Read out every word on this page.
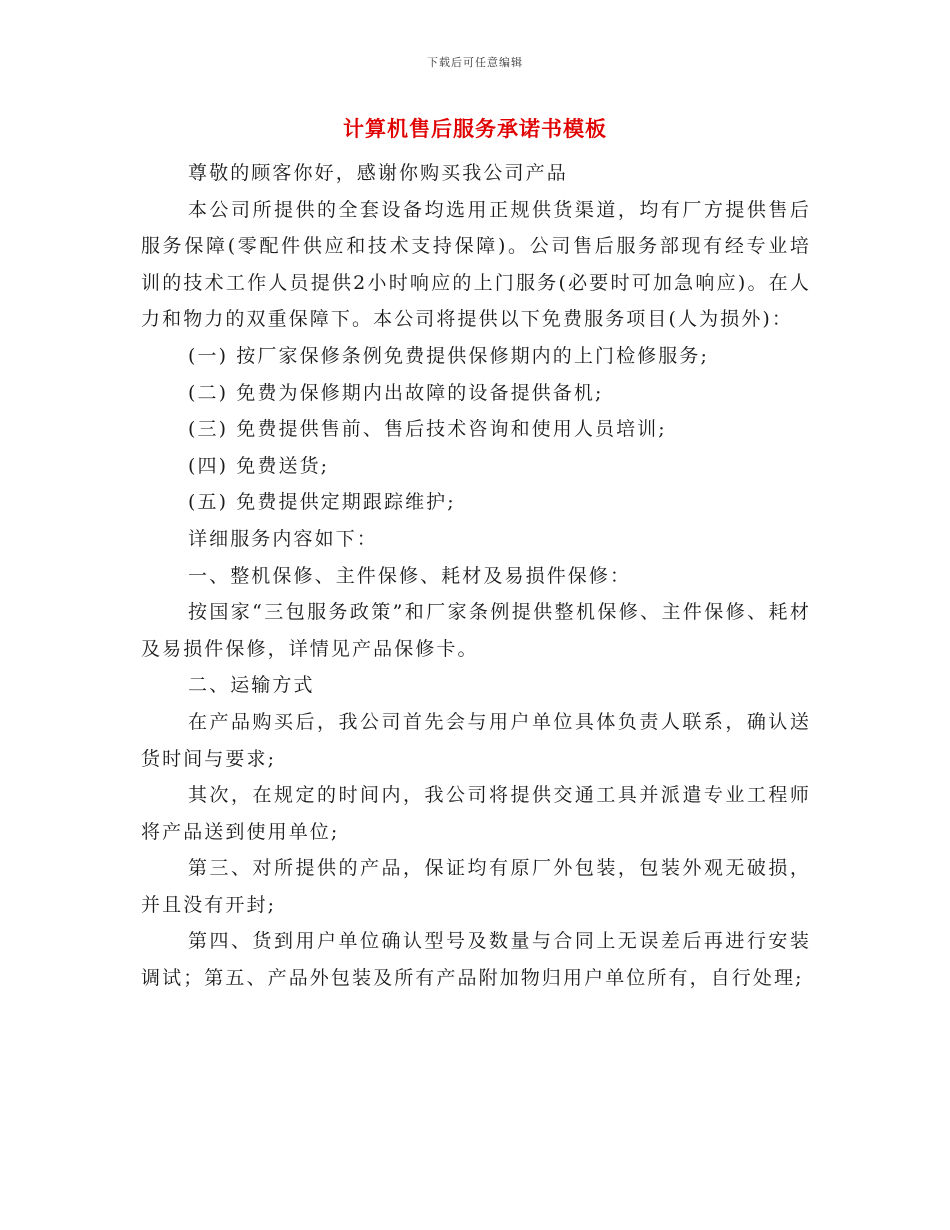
下载后可任意编辑
计算机售后服务承诺书模板

尊敬的顾客你好，感谢你购买我公司产品

本公司所提供的全套设备均选用正规供货渠道，均有厂方提供售后服务保障(零配件供应和技术支持保障)。公司售后服务部现有经专业培训的技术工作人员提供2小时响应的上门服务(必要时可加急响应)。在人力和物力的双重保障下。本公司将提供以下免费服务项目(人为损外)：

(一) 按厂家保修条例免费提供保修期内的上门检修服务;

(二) 免费为保修期内出故障的设备提供备机;

(三) 免费提供售前、售后技术咨询和使用人员培训;

(四) 免费送货;

(五) 免费提供定期跟踪维护;

详细服务内容如下：

一、整机保修、主件保修、耗材及易损件保修：

按国家“三包服务政策”和厂家条例提供整机保修、主件保修、耗材及易损件保修，详情见产品保修卡。

二、运输方式

在产品购买后，我公司首先会与用户单位具体负责人联系，确认送货时间与要求;

其次，在规定的时间内，我公司将提供交通工具并派遣专业工程师将产品送到使用单位;

第三、对所提供的产品，保证均有原厂外包装，包装外观无破损，并且没有开封;

第四、货到用户单位确认型号及数量与合同上无误差后再进行安装调试；第五、产品外包装及所有产品附加物归用户单位所有，自行处理;
